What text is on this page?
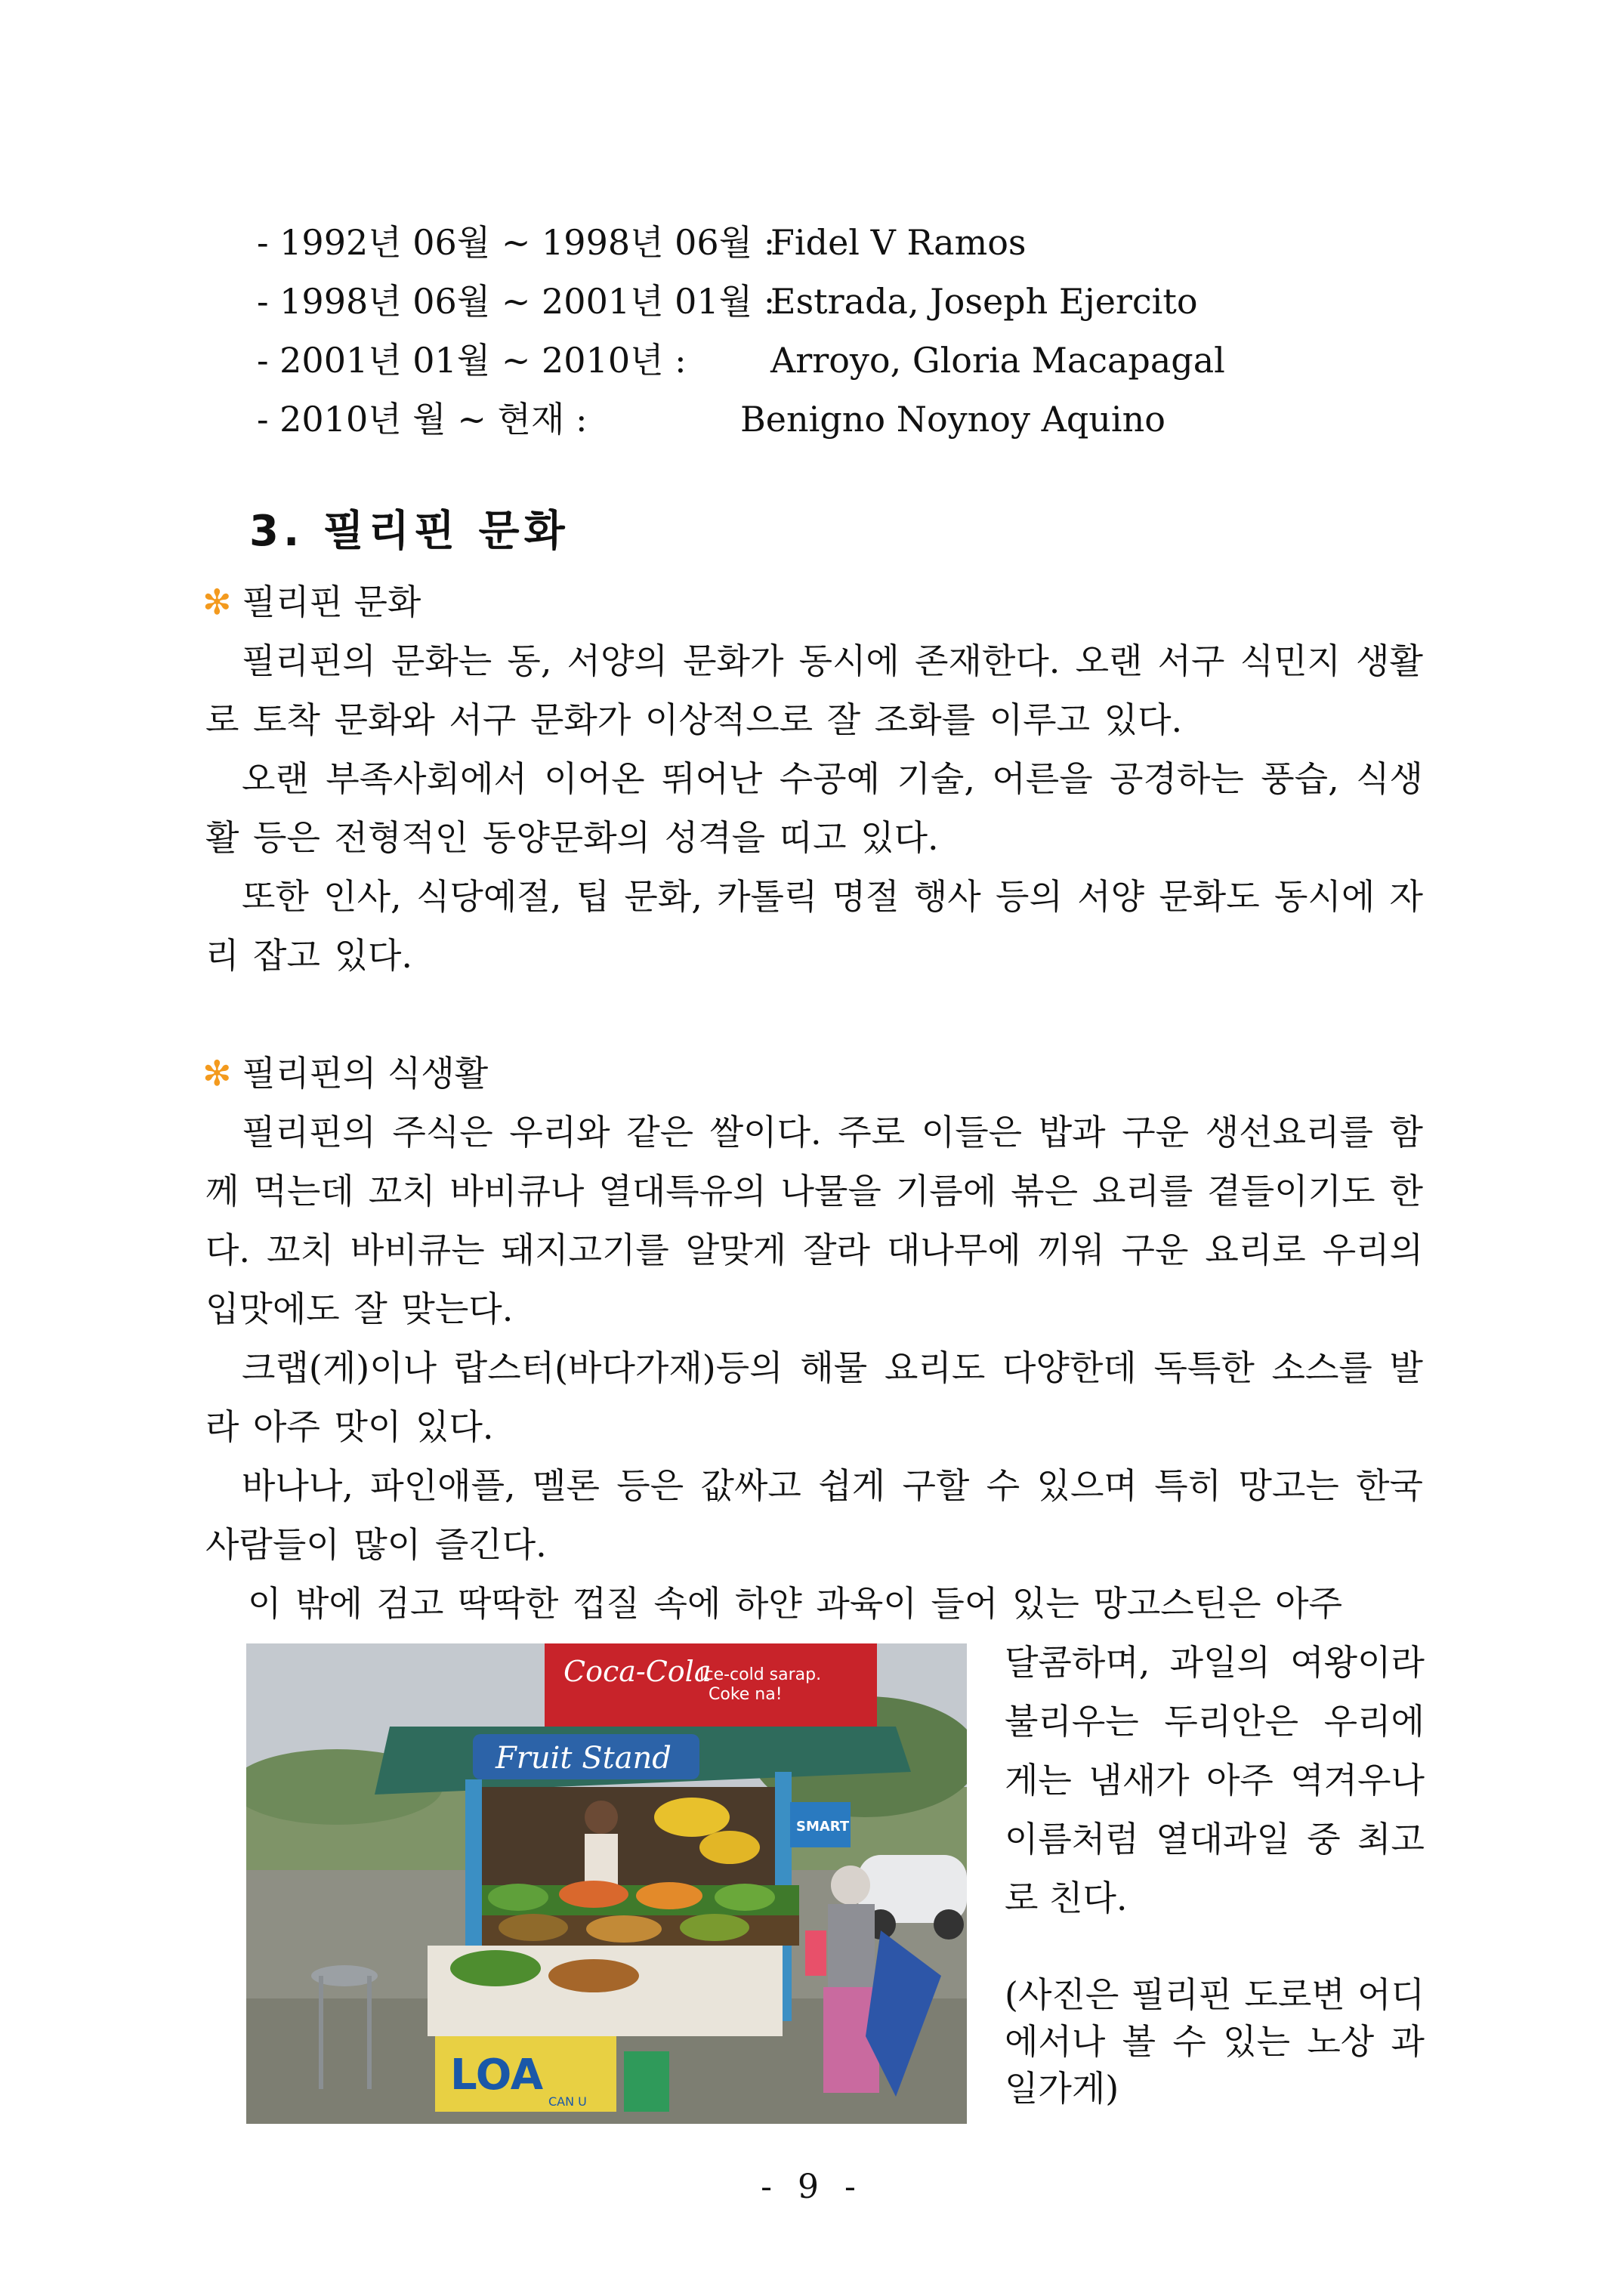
- 1992년 06월 ~ 1998년 06월 :
Fidel V Ramos
- 1998년 06월 ~ 2001년 01월 :
Estrada, Joseph Ejercito
- 2001년 01월 ~ 2010년 : Arroyo, Gloria Macapagal
- 2010년 월 ~ 현재 :	Benigno Noynoy Aquino
3. 필리핀 문화
✻ 필리핀 문화

필리핀의 문화는 동, 서양의 문화가 동시에 존재한다. 오랜 서구 식민지 생활로 토착 문화와 서구 문화가 이상적으로 잘 조화를 이루고 있다.

오랜 부족사회에서 이어온 뛰어난 수공예 기술, 어른을 공경하는 풍습, 식생활 등은 전형적인 동양문화의 성격을 띠고 있다.

또한 인사, 식당예절, 팁 문화, 카톨릭 명절 행사 등의 서양 문화도 동시에 자리 잡고 있다.

✻ 필리핀의 식생활

필리핀의 주식은 우리와 같은 쌀이다. 주로 이들은 밥과 구운 생선요리를 함께 먹는데 꼬치 바비큐나 열대특유의 나물을 기름에 볶은 요리를 곁들이기도 한다. 꼬치 바비큐는 돼지고기를 알맞게 잘라 대나무에 끼워 구운 요리로 우리의 입맛에도 잘 맞는다.

크랩(게)이나 랍스터(바다가재)등의 해물 요리도 다양한데 독특한 소스를 발라 아주 맛이 있다.

바나나, 파인애플, 멜론 등은 값싸고 쉽게 구할 수 있으며 특히 망고는 한국 사람들이 많이 즐긴다.

이 밖에 검고 딱딱한 껍질 속에 하얀 과육이 들어 있는 망고스틴은 아주

Coca-Cola
Ice-cold sarap.
Coke na!
Fruit Stand
SMART
LOA
CAN U

달콤하며, 과일의 여왕이라 불리우는 두리안은 우리에게는 냄새가 아주 역겨우나 이름처럼 열대과일 중 최고로 친다.

(사진은 필리핀 도로변 어디에서나 볼 수 있는 노상 과일가게)

- 9 -
